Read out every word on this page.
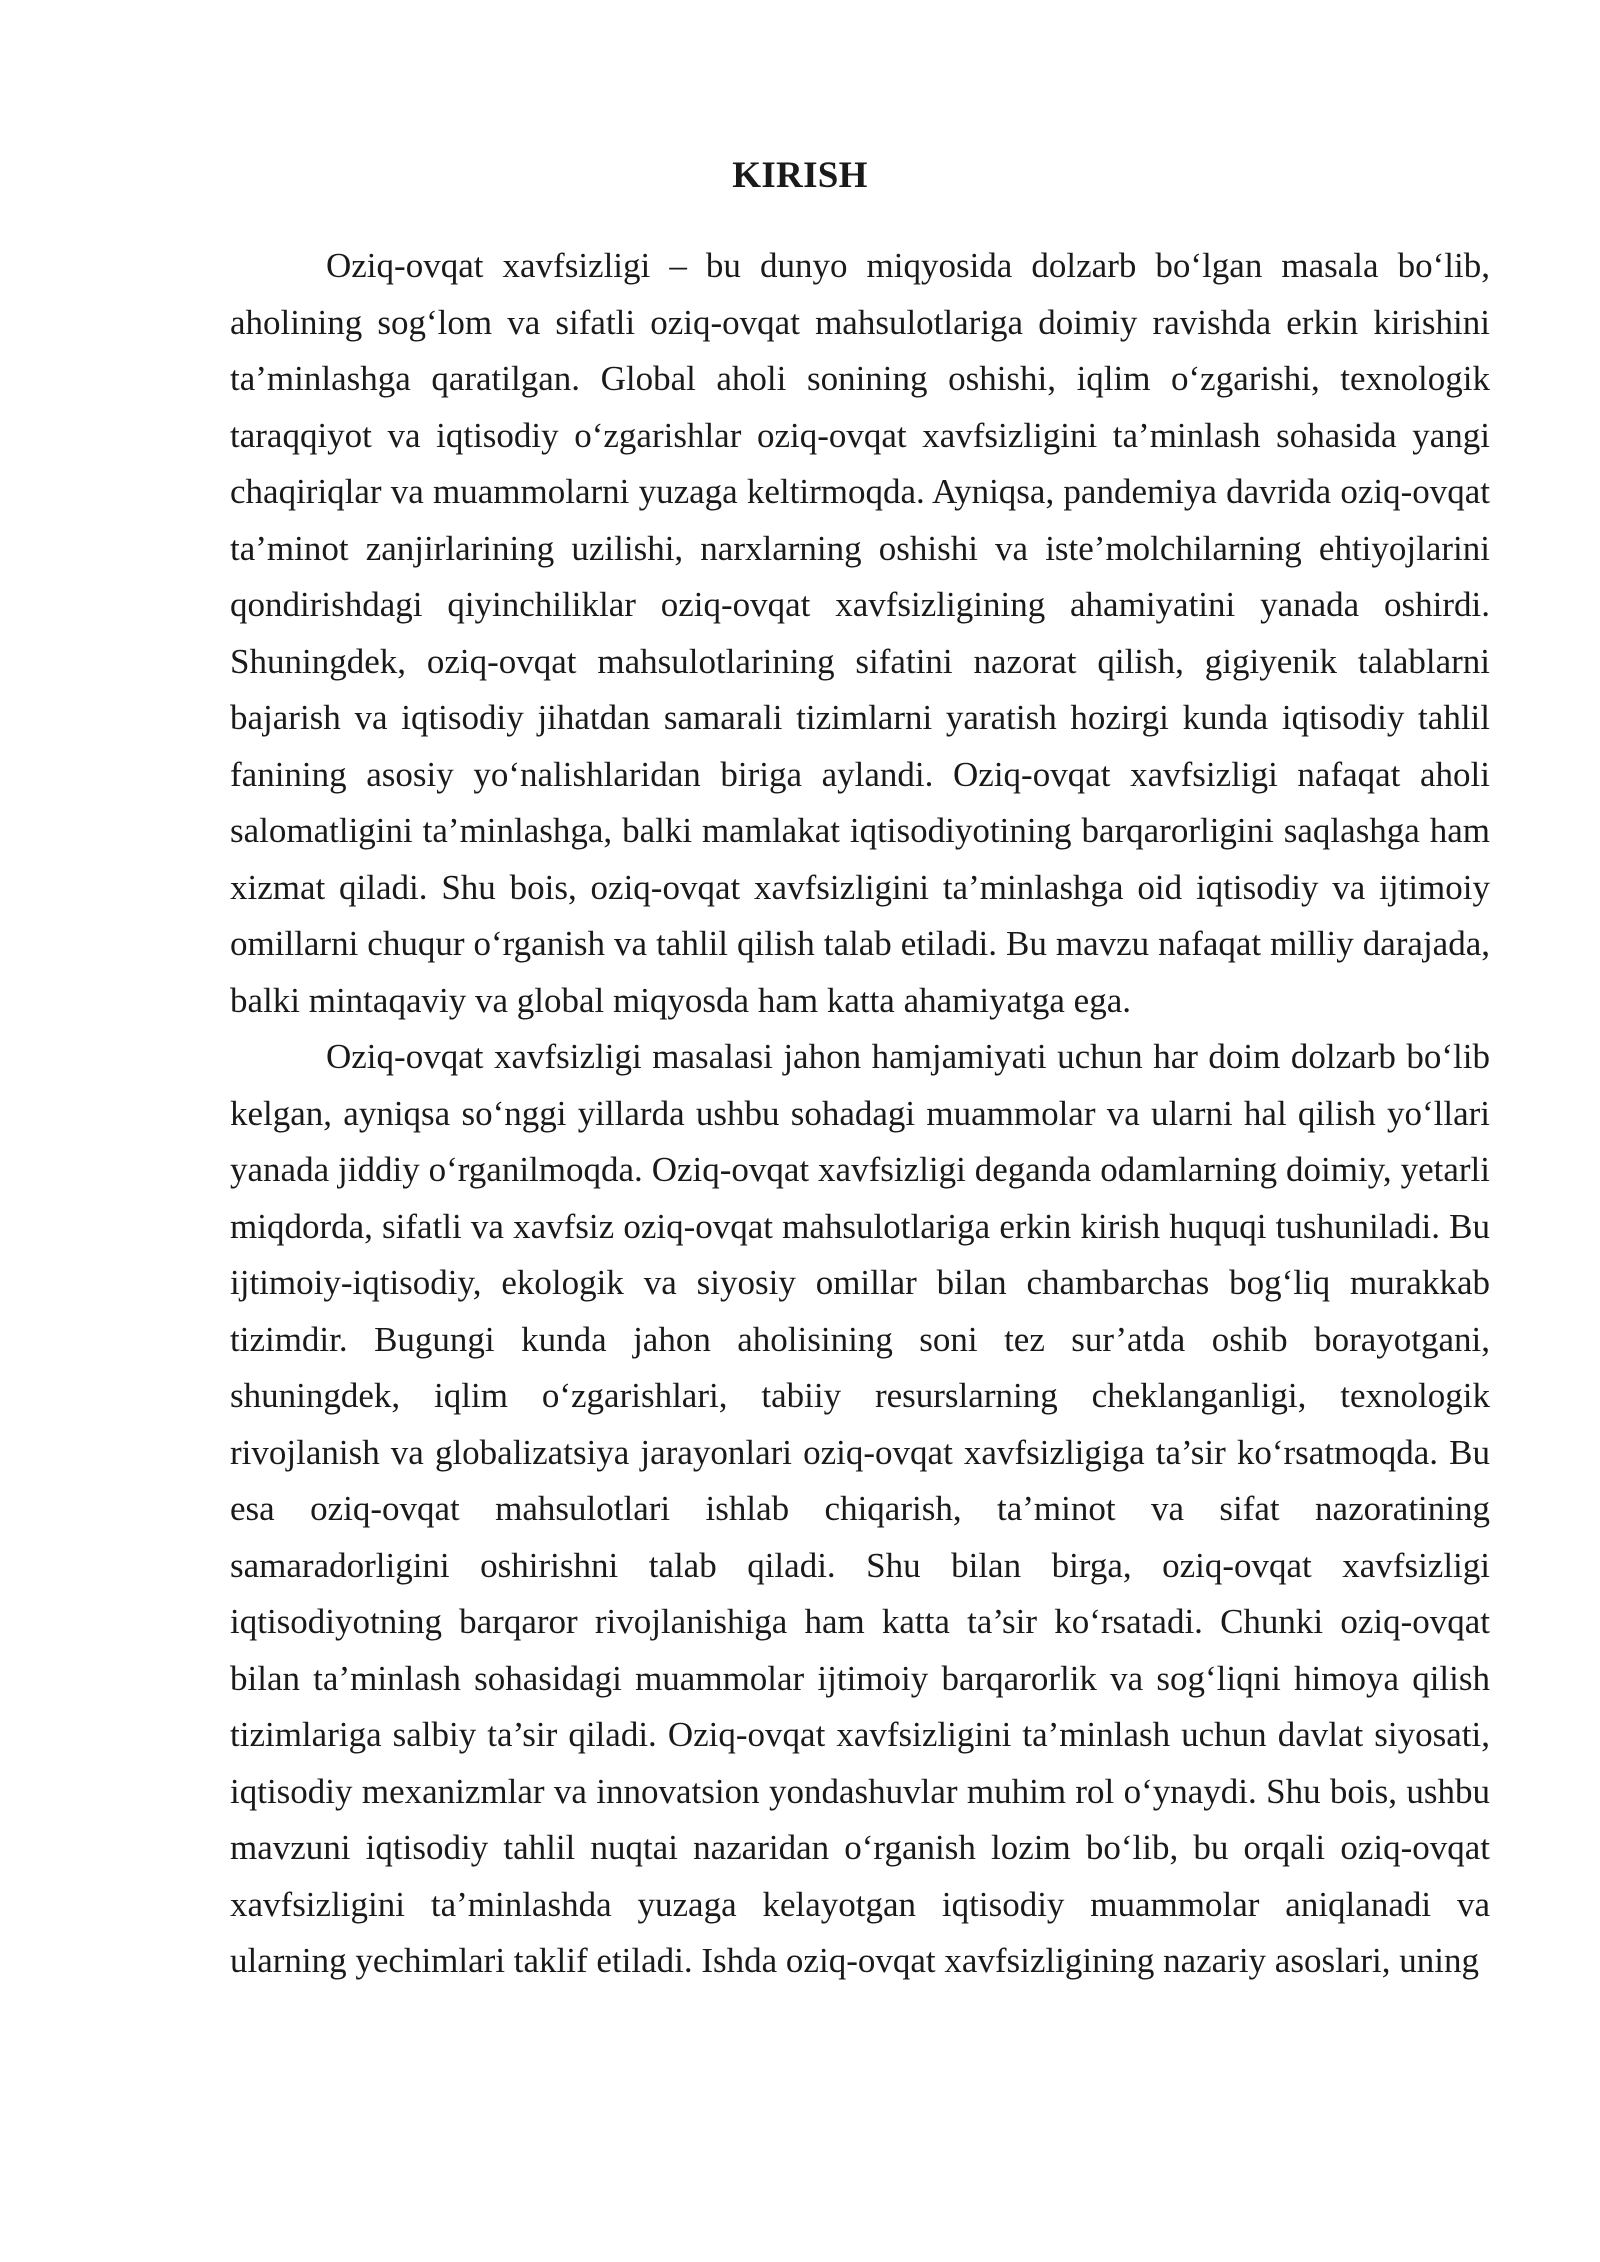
KIRISH

Oziq-ovqat xavfsizligi – bu dunyo miqyosida dolzarb bo‘lgan masala bo‘lib, aholining sog‘lom va sifatli oziq-ovqat mahsulotlariga doimiy ravishda erkin kirishini ta’minlashga qaratilgan. Global aholi sonining oshishi, iqlim o‘zgarishi, texnologik taraqqiyot va iqtisodiy o‘zgarishlar oziq-ovqat xavfsizligini ta’minlash sohasida yangi chaqiriqlar va muammolarni yuzaga keltirmoqda. Ayniqsa, pandemiya davrida oziq-ovqat ta’minot zanjirlarining uzilishi, narxlarning oshishi va iste’molchilarning ehtiyojlarini qondirishdagi qiyinchiliklar oziq-ovqat xavfsizligining ahamiyatini yanada oshirdi. Shuningdek, oziq-ovqat mahsulotlarining sifatini nazorat qilish, gigiyenik talablarni bajarish va iqtisodiy jihatdan samarali tizimlarni yaratish hozirgi kunda iqtisodiy tahlil fanining asosiy yo‘nalishlaridan biriga aylandi. Oziq-ovqat xavfsizligi nafaqat aholi salomatligini ta’minlashga, balki mamlakat iqtisodiyotining barqarorligini saqlashga ham xizmat qiladi. Shu bois, oziq-ovqat xavfsizligini ta’minlashga oid iqtisodiy va ijtimoiy omillarni chuqur o‘rganish va tahlil qilish talab etiladi. Bu mavzu nafaqat milliy darajada, balki mintaqaviy va global miqyosda ham katta ahamiyatga ega.

Oziq-ovqat xavfsizligi masalasi jahon hamjamiyati uchun har doim dolzarb bo‘lib kelgan, ayniqsa so‘nggi yillarda ushbu sohadagi muammolar va ularni hal qilish yo‘llari yanada jiddiy o‘rganilmoqda. Oziq-ovqat xavfsizligi deganda odamlarning doimiy, yetarli miqdorda, sifatli va xavfsiz oziq-ovqat mahsulotlariga erkin kirish huquqi tushuniladi. Bu ijtimoiy-iqtisodiy, ekologik va siyosiy omillar bilan chambarchas bog‘liq murakkab tizimdir. Bugungi kunda jahon aholisining soni tez sur’atda oshib borayotgani, shuningdek, iqlim o‘zgarishlari, tabiiy resurslarning cheklanganligi, texnologik rivojlanish va globalizatsiya jarayonlari oziq-ovqat xavfsizligiga ta’sir ko‘rsatmoqda. Bu esa oziq-ovqat mahsulotlari ishlab chiqarish, ta’minot va sifat nazoratining samaradorligini oshirishni talab qiladi. Shu bilan birga, oziq-ovqat xavfsizligi iqtisodiyotning barqaror rivojlanishiga ham katta ta’sir ko‘rsatadi. Chunki oziq-ovqat bilan ta’minlash sohasidagi muammolar ijtimoiy barqarorlik va sog‘liqni himoya qilish tizimlariga salbiy ta’sir qiladi. Oziq-ovqat xavfsizligini ta’minlash uchun davlat siyosati, iqtisodiy mexanizmlar va innovatsion yondashuvlar muhim rol o‘ynaydi. Shu bois, ushbu mavzuni iqtisodiy tahlil nuqtai nazaridan o‘rganish lozim bo‘lib, bu orqali oziq-ovqat xavfsizligini ta’minlashda yuzaga kelayotgan iqtisodiy muammolar aniqlanadi va ularning yechimlari taklif etiladi. Ishda oziq-ovqat xavfsizligining nazariy asoslari, uning
